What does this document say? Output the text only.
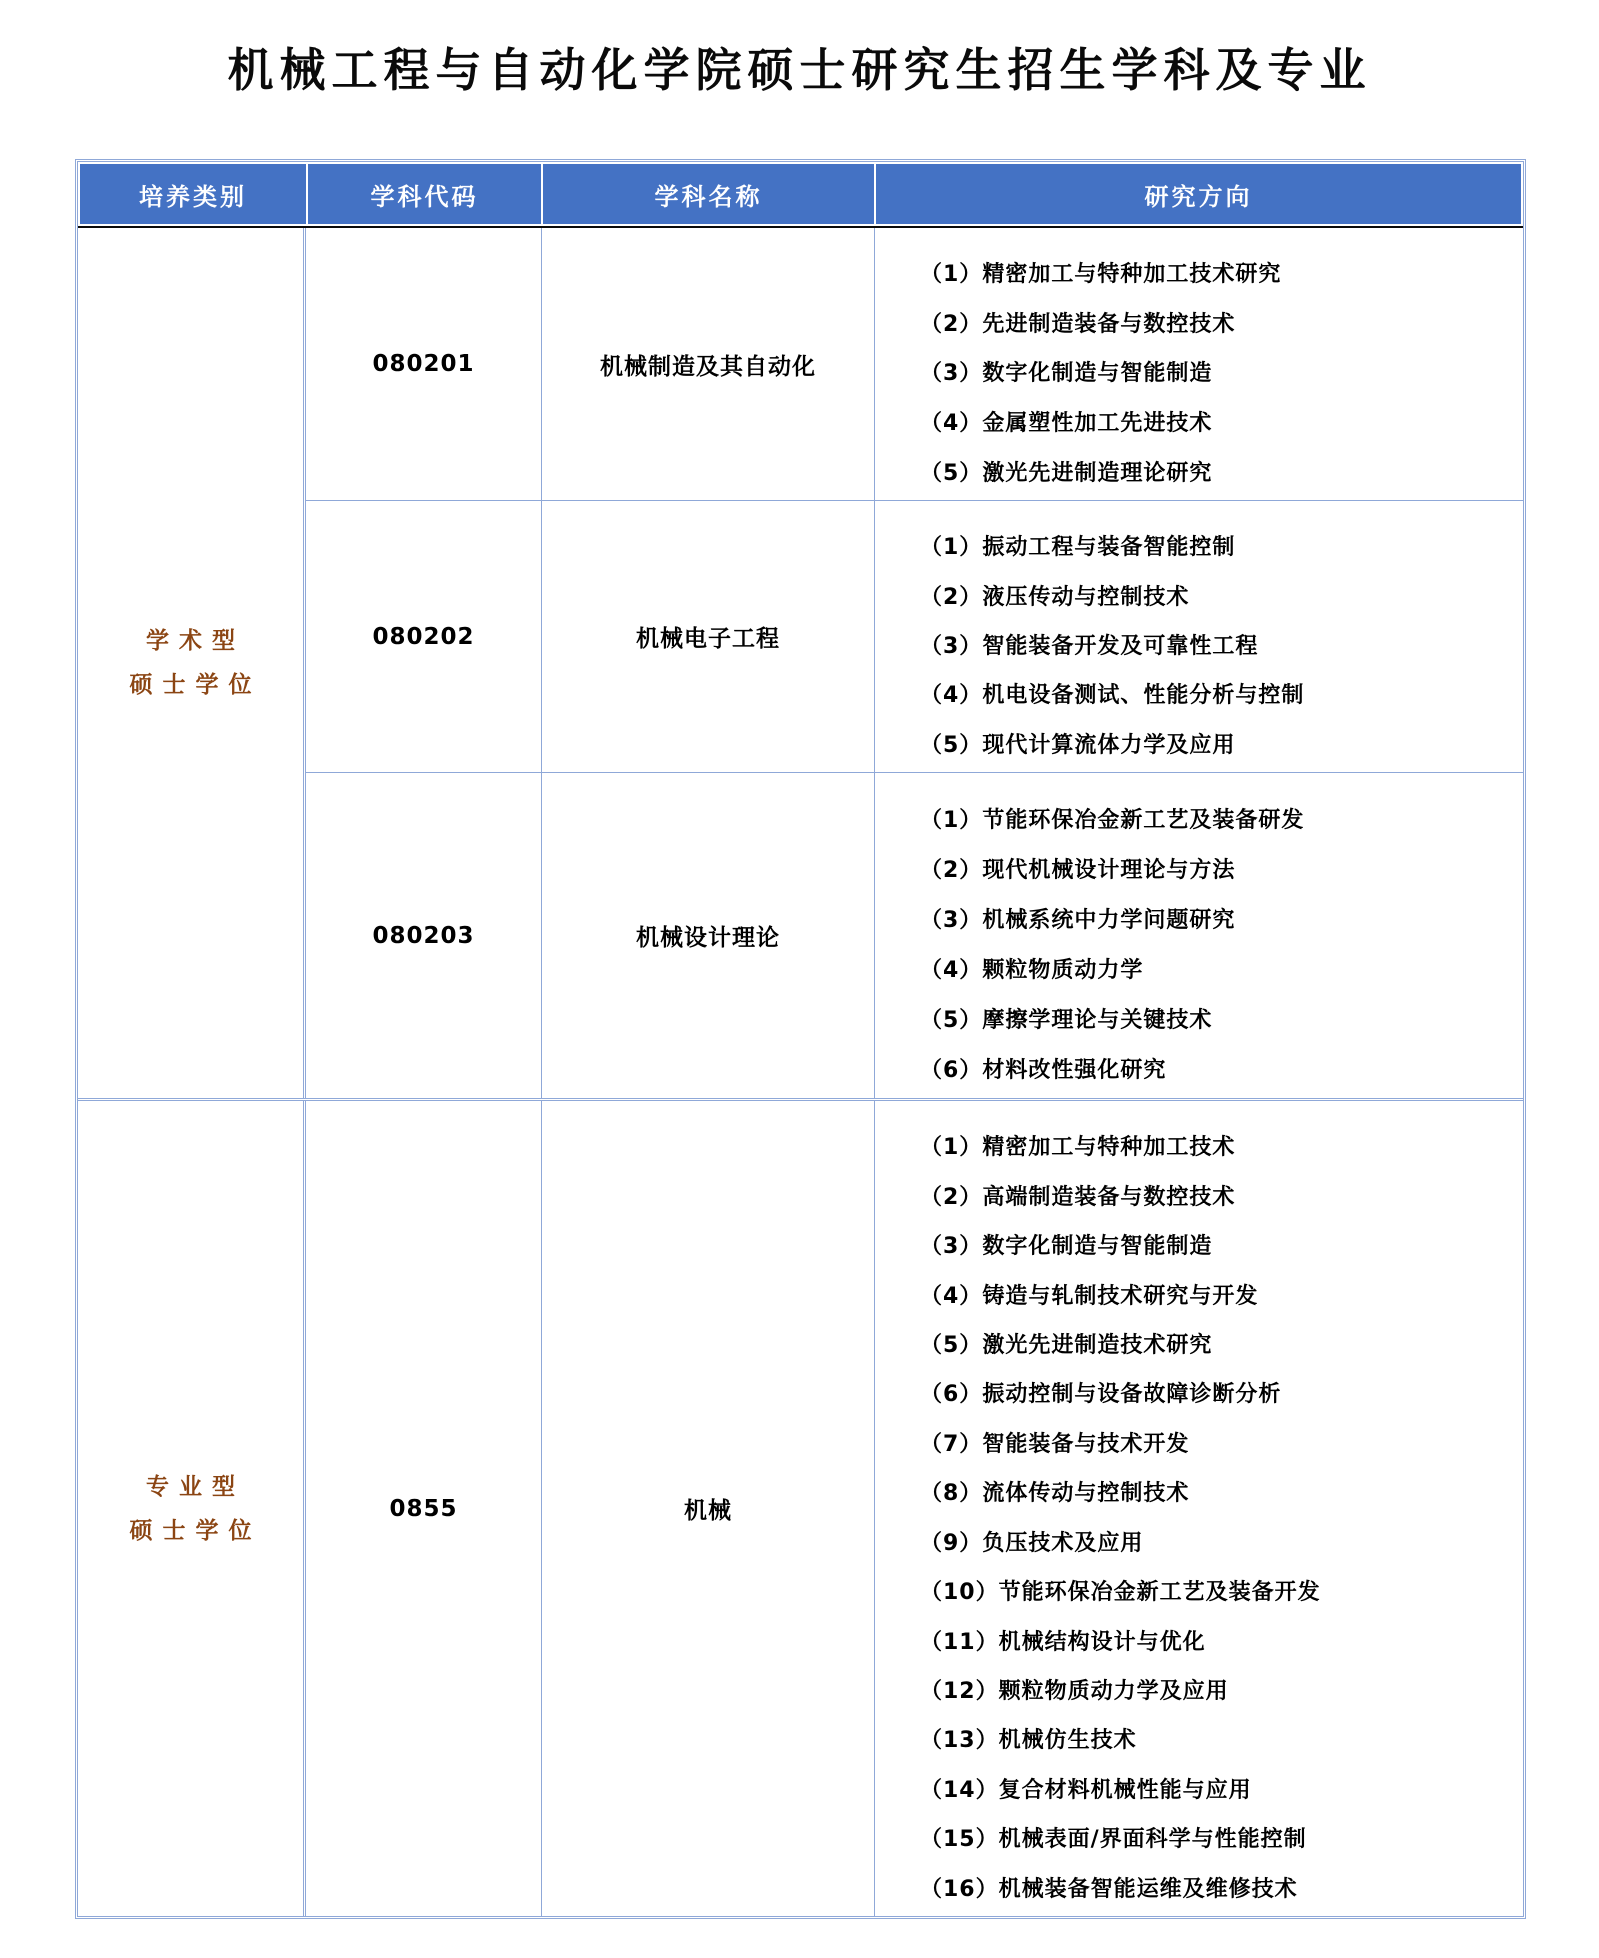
机械工程与自动化学院硕士研究生招生学科及专业
培养类别	学科代码	学科名称	研究方向
学术型
硕士学位
080201	机械制造及其自动化
（1） 精密加工与特种加工技术研究
（2） 先进制造装备与数控技术
（3） 数字化制造与智能制造
（4） 金属塑性加工先进技术
（5） 激光先进制造理论研究
080202	机械电子工程
（1） 振动工程与装备智能控制
（2） 液压传动与控制技术
（3） 智能装备开发及可靠性工程
（4） 机电设备测试、性能分析与控制
（5） 现代计算流体力学及应用
080203	机械设计理论
（1） 节能环保冶金新工艺及装备研发
（2） 现代机械设计理论与方法
（3） 机械系统中力学问题研究
（4） 颗粒物质动力学
（5） 摩擦学理论与关键技术
（6） 材料改性强化研究
专业型
硕士学位
0855	机械
（1） 精密加工与特种加工技术
（2） 高端制造装备与数控技术
（3） 数字化制造与智能制造
（4） 铸造与轧制技术研究与开发
（5） 激光先进制造技术研究
（6） 振动控制与设备故障诊断分析
（7） 智能装备与技术开发
（8） 流体传动与控制技术
（9） 负压技术及应用
（10） 节能环保冶金新工艺及装备开发
（11） 机械结构设计与优化
（12） 颗粒物质动力学及应用
（13） 机械仿生技术
（14） 复合材料机械性能与应用
（15） 机械表面/界面科学与性能控制
（16） 机械装备智能运维及维修技术
